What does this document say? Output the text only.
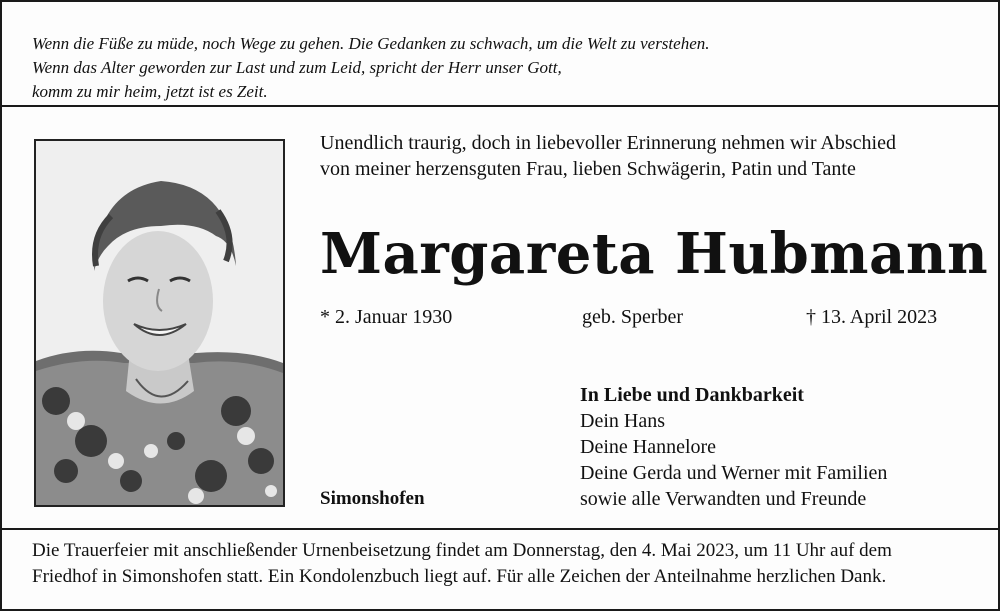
Wenn die Füße zu müde, noch Wege zu gehen. Die Gedanken zu schwach, um die Welt zu verstehen.
Wenn das Alter geworden zur Last und zum Leid, spricht der Herr unser Gott,
komm zu mir heim, jetzt ist es Zeit.
Unendlich traurig, doch in liebevoller Erinnerung nehmen wir Abschied
von meiner herzensguten Frau, lieben Schwägerin, Patin und Tante
Margareta Hubmann
* 2. Januar 1930	geb. Sperber	† 13. April 2023
In Liebe und Dankbarkeit
Dein Hans
Deine Hannelore
Deine Gerda und Werner mit Familien
sowie alle Verwandten und Freunde
Simonshofen
Die Trauerfeier mit anschließender Urnenbeisetzung findet am Donnerstag, den 4. Mai 2023, um 11 Uhr auf dem
Friedhof in Simonshofen statt. Ein Kondolenzbuch liegt auf. Für alle Zeichen der Anteilnahme herzlichen Dank.
